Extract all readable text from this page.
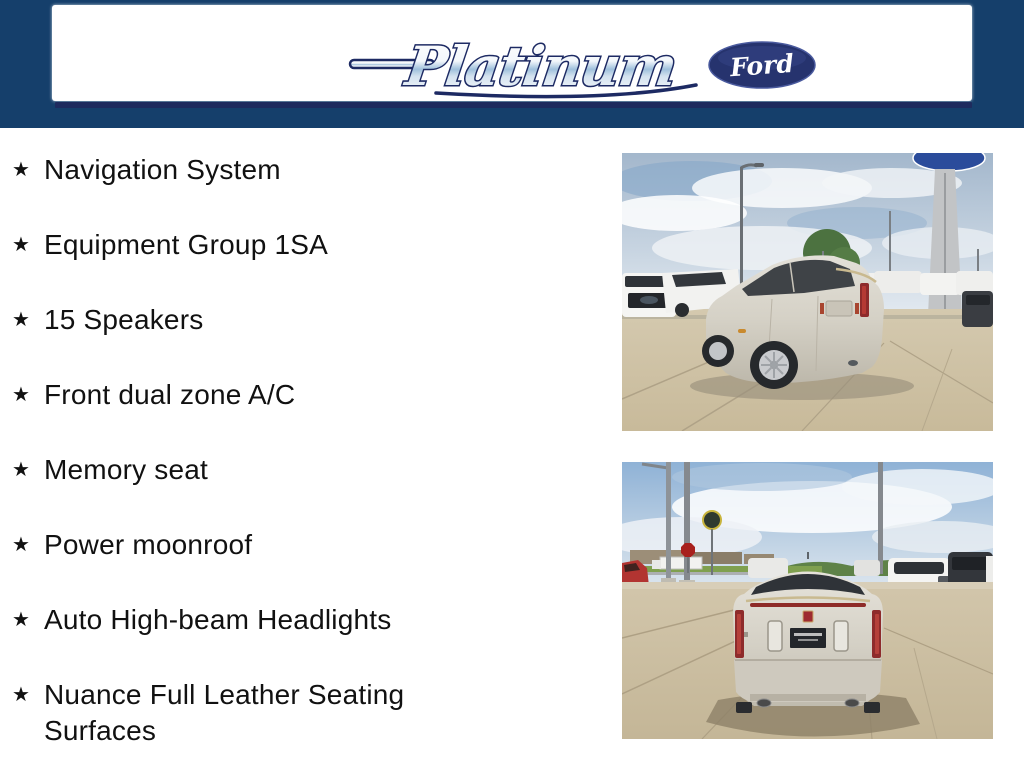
Platinum Ford
★ Navigation System
★ Equipment Group 1SA
★ 15 Speakers
★ Front dual zone A/C
★ Memory seat
★ Power moonroof
★ Auto High-beam Headlights
★ Nuance Full Leather Seating Surfaces
